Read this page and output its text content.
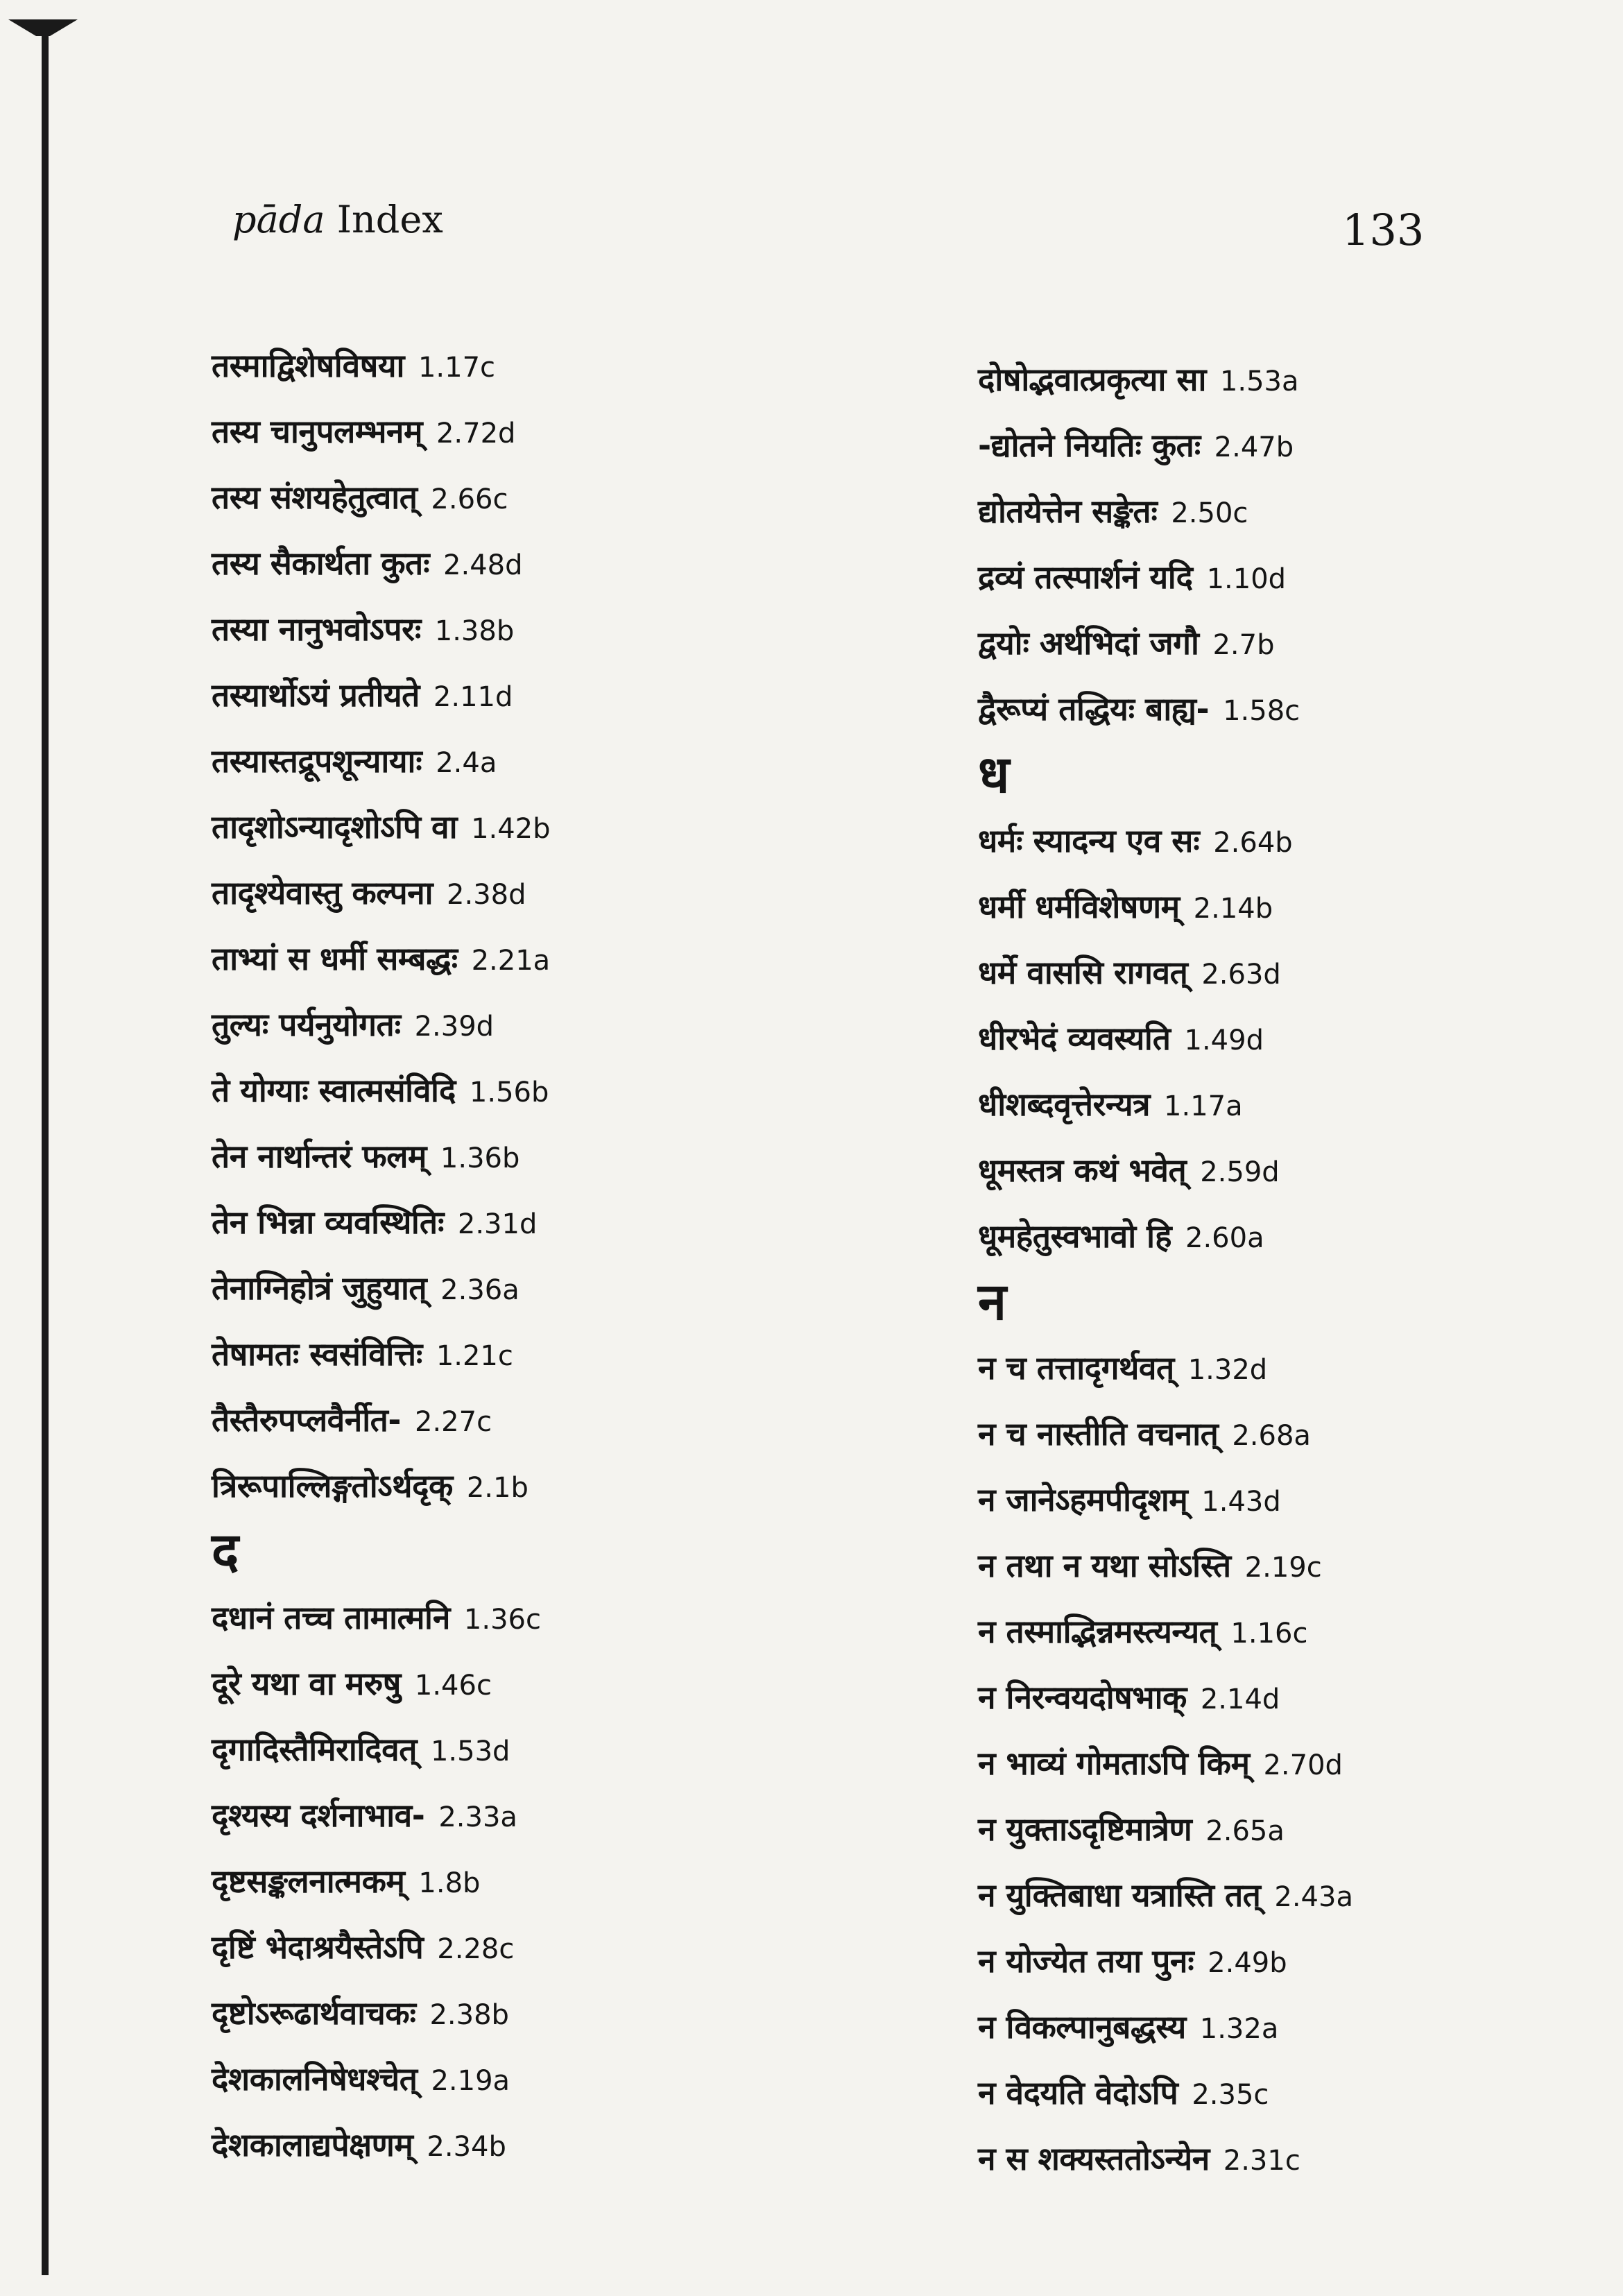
pāda Index	133
तस्माद्विशेषविषया 1.17c
तस्य चानुपलम्भनम् 2.72d
तस्य संशयहेतुत्वात् 2.66c
तस्य सैकार्थता कुतः 2.48d
तस्या नानुभवोऽपरः 1.38b
तस्यार्थोऽयं प्रतीयते 2.11d
तस्यास्तद्रूपशून्यायाः 2.4a
तादृशोऽन्यादृशोऽपि वा 1.42b
तादृश्येवास्तु कल्पना 2.38d
ताभ्यां स धर्मी सम्बद्धः 2.21a
तुल्यः पर्यनुयोगतः 2.39d
ते योग्याः स्वात्मसंविदि 1.56b
तेन नार्थान्तरं फलम् 1.36b
तेन भिन्ना व्यवस्थितिः 2.31d
तेनाग्निहोत्रं जुहुयात् 2.36a
तेषामतः स्वसंवित्तिः 1.21c
तैस्तैरुपप्लवैर्नीत- 2.27c
त्रिरूपाल्लिङ्गतोऽर्थदृक् 2.1b
द
दधानं तच्च तामात्मनि 1.36c
दूरे यथा वा मरुषु 1.46c
दृगादिस्तैमिरादिवत् 1.53d
दृश्यस्य दर्शनाभाव- 2.33a
दृष्टसङ्कलनात्मकम् 1.8b
दृष्टिं भेदाश्रयैस्तेऽपि 2.28c
दृष्टोऽरूढार्थवाचकः 2.38b
देशकालनिषेधश्चेत् 2.19a
देशकालाद्यपेक्षणम् 2.34b
दोषोद्भवात्प्रकृत्या सा 1.53a
-द्योतने नियतिः कुतः 2.47b
द्योतयेत्तेन सङ्केतः 2.50c
द्रव्यं तत्स्पार्शनं यदि 1.10d
द्वयोः अर्थभिदां जगौ 2.7b
द्वैरूप्यं तद्धियः बाह्य- 1.58c
ध
धर्मः स्यादन्य एव सः 2.64b
धर्मी धर्मविशेषणम् 2.14b
धर्मे वाससि रागवत् 2.63d
धीरभेदं व्यवस्यति 1.49d
धीशब्दवृत्तेरन्यत्र 1.17a
धूमस्तत्र कथं भवेत् 2.59d
धूमहेतुस्वभावो हि 2.60a
न
न च तत्तादृगर्थवत् 1.32d
न च नास्तीति वचनात् 2.68a
न जानेऽहमपीदृशम् 1.43d
न तथा न यथा सोऽस्ति 2.19c
न तस्माद्भिन्नमस्त्यन्यत् 1.16c
न निरन्वयदोषभाक् 2.14d
न भाव्यं गोमताऽपि किम् 2.70d
न युक्ताऽदृष्टिमात्रेण 2.65a
न युक्तिबाधा यत्रास्ति तत् 2.43a
न योज्येत तया पुनः 2.49b
न विकल्पानुबद्धस्य 1.32a
न वेदयति वेदोऽपि 2.35c
न स शक्यस्ततोऽन्येन 2.31c
